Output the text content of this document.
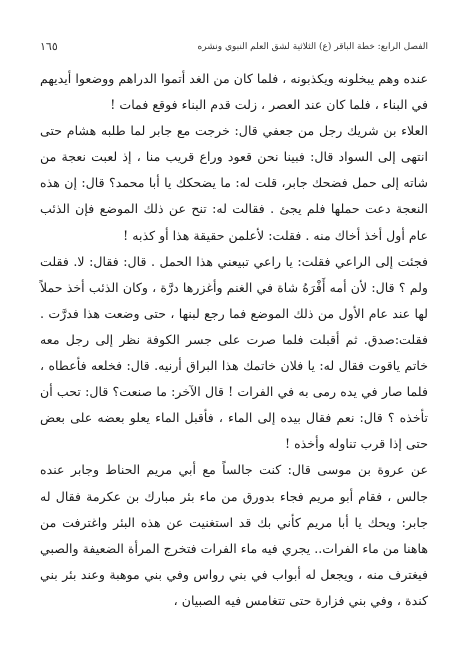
الفصل الرابع: خطة الباقر (ع) الثلاثية لشق العلم النبوي ونشره
١٦٥

عنده وهم يبخلونه ويكذبونه ، فلما كان من الغد أتموا الدراهم ووضعوا أيديهم في البناء ، فلما كان عند العصر ، زلت قدم البناء فوقع فمات !

العلاء بن شريك رجل من جعفي قال: خرجت مع جابر لما طلبه هشام حتى انتهى إلى السواد قال: فبينا نحن قعود وراع قريب منا ، إذ لعبت نعجة من شاته إلى حمل فضحك جابر، قلت له: ما يضحكك يا أبا محمد؟ قال: إن هذه النعجة دعت حملها فلم يجئ . فقالت له: تنح عن ذلك الموضع فإن الذئب عام أول أخذ أخاك منه . فقلت: لأعلمن حقيقة هذا أو كذبه !

فجئت إلى الراعي فقلت: يا راعي تبيعني هذا الحمل . قال: فقال: لا. فقلت ولم ؟ قال: لأن أمه أَفْرَهُ شاة في الغنم وأغزرها درَّة ، وكان الذئب أخذ حملاً لها عند عام الأول من ذلك الموضع فما رجع لبنها ، حتى وضعت هذا فدرَّت . فقلت:صدق. ثم أقبلت فلما صرت على جسر الكوفة نظر إلى رجل معه خاتم ياقوت فقال له: يا فلان خاتمك هذا البراق أرنيه. قال: فخلعه فأعطاه ، فلما صار في يده رمى به في الفرات ! قال الآخر: ما صنعت؟ قال: تحب أن تأخذه ؟ قال: نعم فقال بيده إلى الماء ، فأقبل الماء يعلو بعضه على بعض حتى إذا قرب تناوله وأخذه !

عن عروة بن موسى قال: كنت جالساً مع أبي مريم الحناط وجابر عنده جالس ، فقام أبو مريم فجاء بدورق من ماء بئر مبارك بن عكرمة فقال له جابر: ويحك يا أبا مريم كأني بك قد استغنيت عن هذه البئر واغترفت من هاهنا من ماء الفرات.. يجري فيه ماء الفرات فتخرج المرأة الضعيفة والصبي فيغترف منه ، ويجعل له أبواب في بني رواس وفي بني موهبة وعند بئر بني كندة ، وفي بني فزارة حتى تتغامس فيه الصبيان ،
